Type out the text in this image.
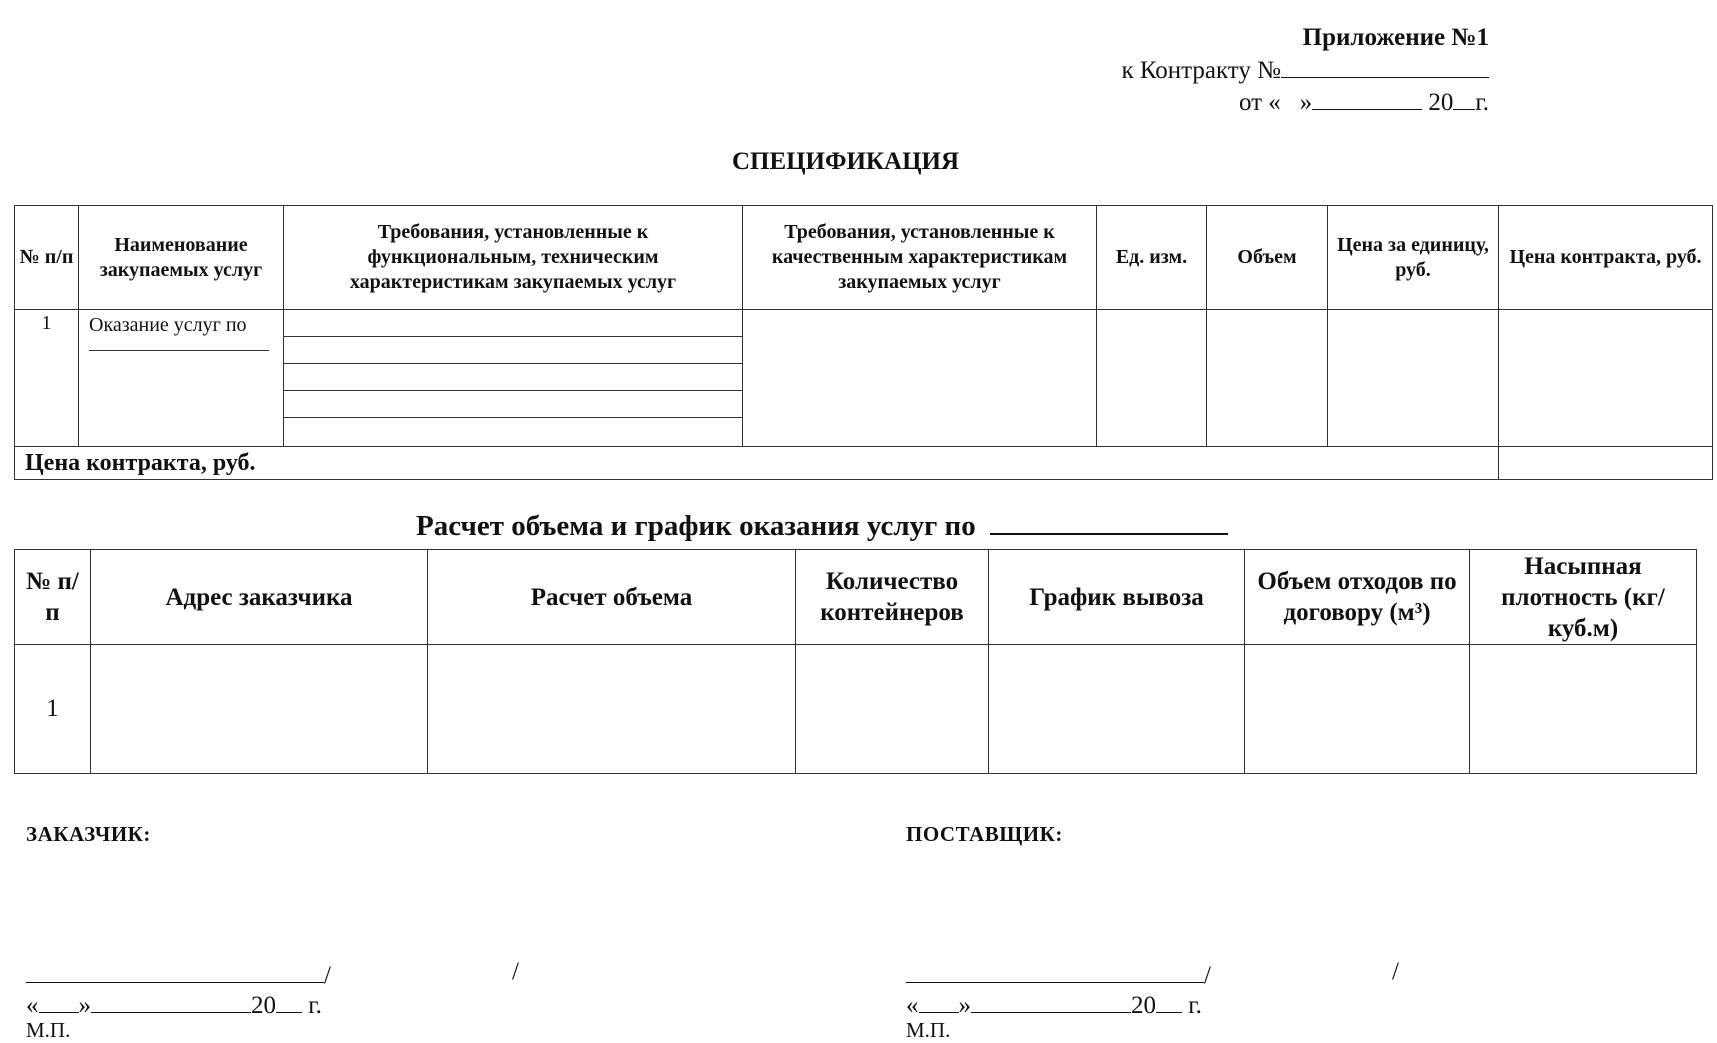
Приложение №1
к Контракту №
от « »	20 г.
СПЕЦИФИКАЦИЯ
№ п/п	Наименование закупаемых услуг	Требования, установленные к функциональным, техническим характеристикам закупаемых услуг	Требования, установленные к качественным характеристикам закупаемых услуг	Ед. изм.	Объем	Цена за единицу, руб.	Цена контракта, руб.
1	Оказание услуг по						

Цена контракта, руб.							
Расчет объема и график оказания услуг по
№ п/п	Адрес заказчика	Расчет объема	Количество контейнеров	График вывоза	Объем отходов по договору (м³)	Насыпная плотность (кг/куб.м)
1						
ЗАКАЗЧИК:	ПОСТАВЩИК:
/	/
« »	20 г.
М.П.
/	/
« »	20 г.
М.П.
